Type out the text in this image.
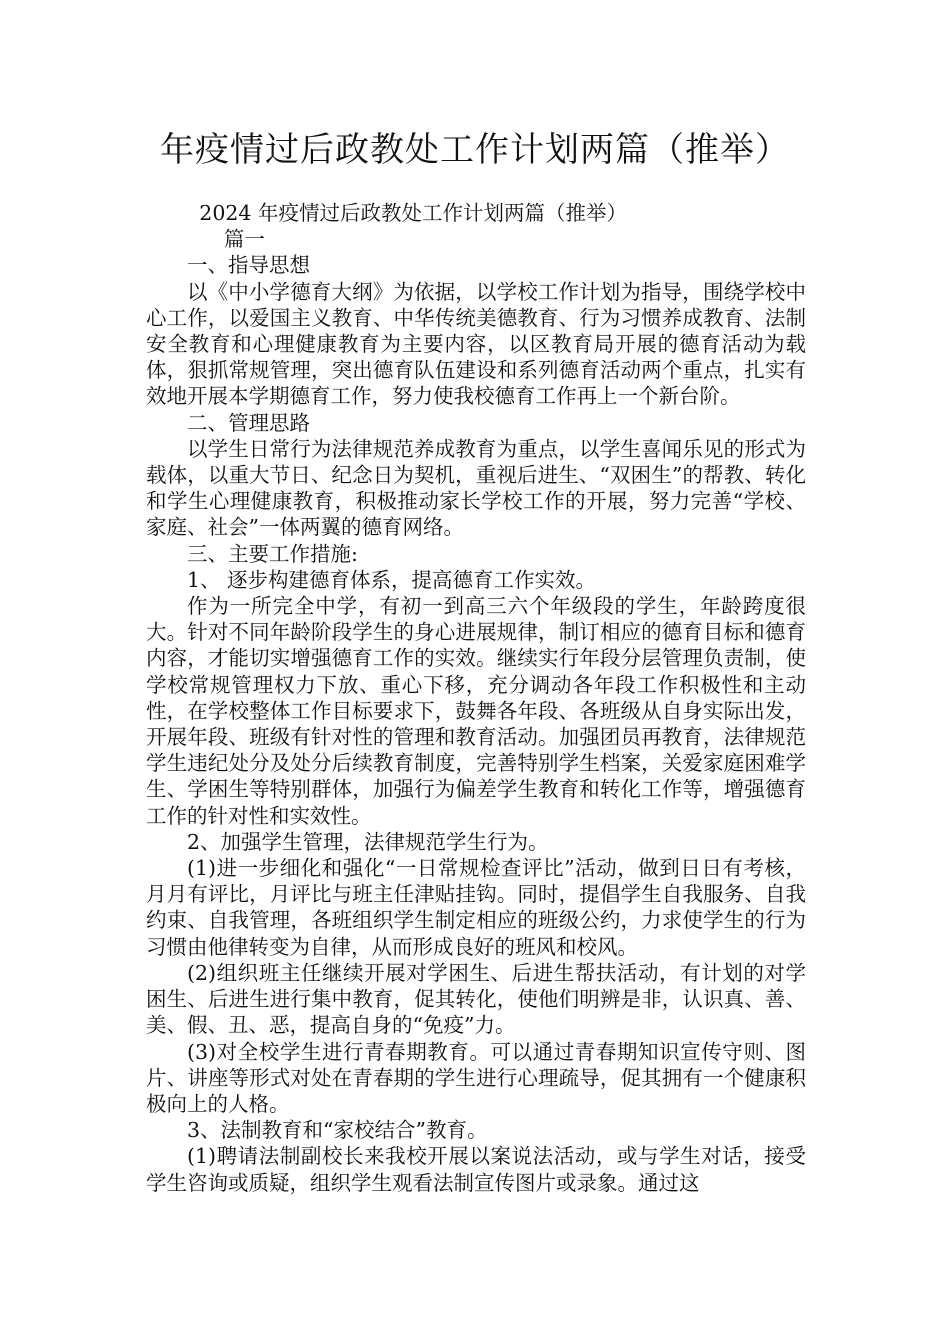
年疫情过后政教处工作计划两篇（推举）

2024 年疫情过后政教处工作计划两篇（推举）

篇一

一、指导思想

以《中小学德育大纲》为依据，以学校工作计划为指导，围绕学校中心工作，以爱国主义教育、中华传统美德教育、行为习惯养成教育、法制安全教育和心理健康教育为主要内容，以区教育局开展的德育活动为载体，狠抓常规管理，突出德育队伍建设和系列德育活动两个重点，扎实有效地开展本学期德育工作，努力使我校德育工作再上一个新台阶。

二、管理思路

以学生日常行为法律规范养成教育为重点，以学生喜闻乐见的形式为载体，以重大节日、纪念日为契机，重视后进生、“双困生”的帮教、转化和学生心理健康教育，积极推动家长学校工作的开展，努力完善“学校、家庭、社会”一体两翼的德育网络。

三、主要工作措施:

1、 逐步构建德育体系，提高德育工作实效。

作为一所完全中学，有初一到高三六个年级段的学生，年龄跨度很大。针对不同年龄阶段学生的身心进展规律，制订相应的德育目标和德育内容，才能切实增强德育工作的实效。继续实行年段分层管理负责制，使学校常规管理权力下放、重心下移，充分调动各年段工作积极性和主动性，在学校整体工作目标要求下，鼓舞各年段、各班级从自身实际出发，开展年段、班级有针对性的管理和教育活动。加强团员再教育，法律规范学生违纪处分及处分后续教育制度，完善特别学生档案，关爱家庭困难学生、学困生等特别群体，加强行为偏差学生教育和转化工作等，增强德育工作的针对性和实效性。

2、加强学生管理，法律规范学生行为。

(1)进一步细化和强化“一日常规检查评比”活动，做到日日有考核，月月有评比，月评比与班主任津贴挂钩。同时，提倡学生自我服务、自我约束、自我管理，各班组织学生制定相应的班级公约，力求使学生的行为习惯由他律转变为自律，从而形成良好的班风和校风。

(2)组织班主任继续开展对学困生、后进生帮扶活动，有计划的对学困生、后进生进行集中教育，促其转化，使他们明辨是非，认识真、善、美、假、丑、恶，提高自身的“免疫”力。

(3)对全校学生进行青春期教育。可以通过青春期知识宣传守则、图片、讲座等形式对处在青春期的学生进行心理疏导，促其拥有一个健康积极向上的人格。

3、法制教育和“家校结合”教育。

(1)聘请法制副校长来我校开展以案说法活动，或与学生对话，接受学生咨询或质疑，组织学生观看法制宣传图片或录象。通过这
